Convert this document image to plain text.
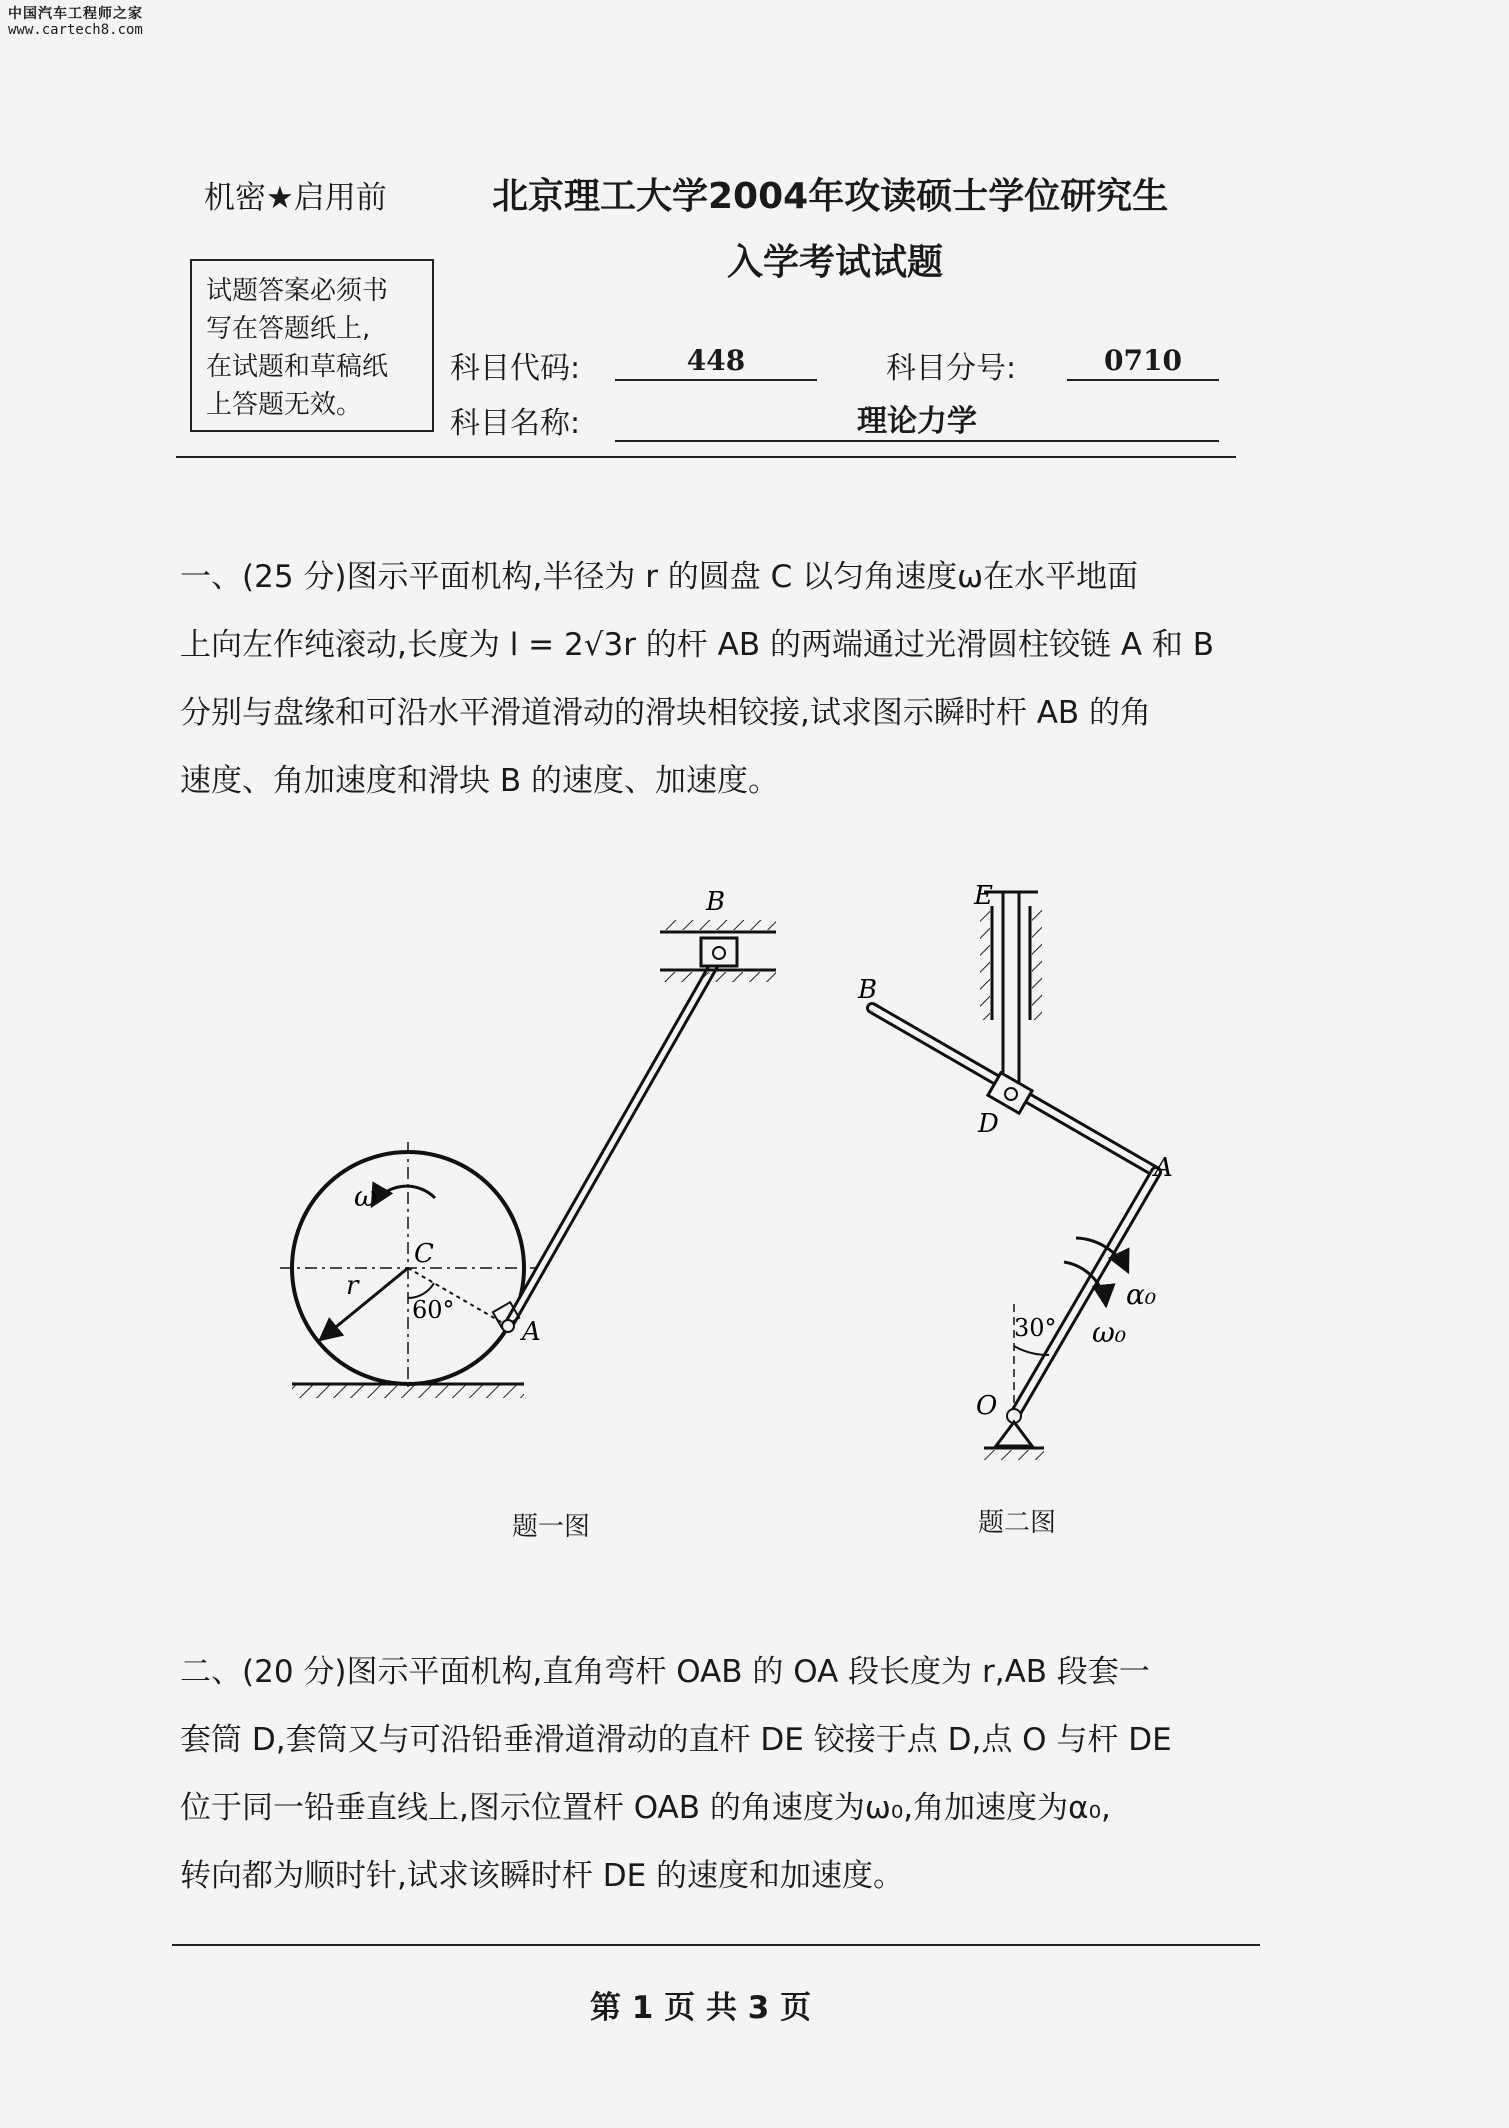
中国汽车工程师之家
www.cartech8.com
机密★启用前	北京理工大学2004年攻读硕士学位研究生
入学考试试题
试题答案必须书
写在答题纸上,
在试题和草稿纸
上答题无效。
科目代码:	448	科目分号:	0710
科目名称:	理论力学
一、(25 分)图示平面机构,半径为 r 的圆盘 C 以匀角速度ω在水平地面
上向左作纯滚动,长度为 l = 2√3r 的杆 AB 的两端通过光滑圆柱铰链 A 和 B
分别与盘缘和可沿水平滑道滑动的滑块相铰接,试求图示瞬时杆 AB 的角
速度、角加速度和滑块 B 的速度、加速度。
B
C
A
r
ω
60°
E
B
D
A
O
30°
α₀
ω₀
题一图	题二图
二、(20 分)图示平面机构,直角弯杆 OAB 的 OA 段长度为 r,AB 段套一
套筒 D,套筒又与可沿铅垂滑道滑动的直杆 DE 铰接于点 D,点 O 与杆 DE
位于同一铅垂直线上,图示位置杆 OAB 的角速度为ω₀,角加速度为α₀,
转向都为顺时针,试求该瞬时杆 DE 的速度和加速度。
第 1 页 共 3 页
